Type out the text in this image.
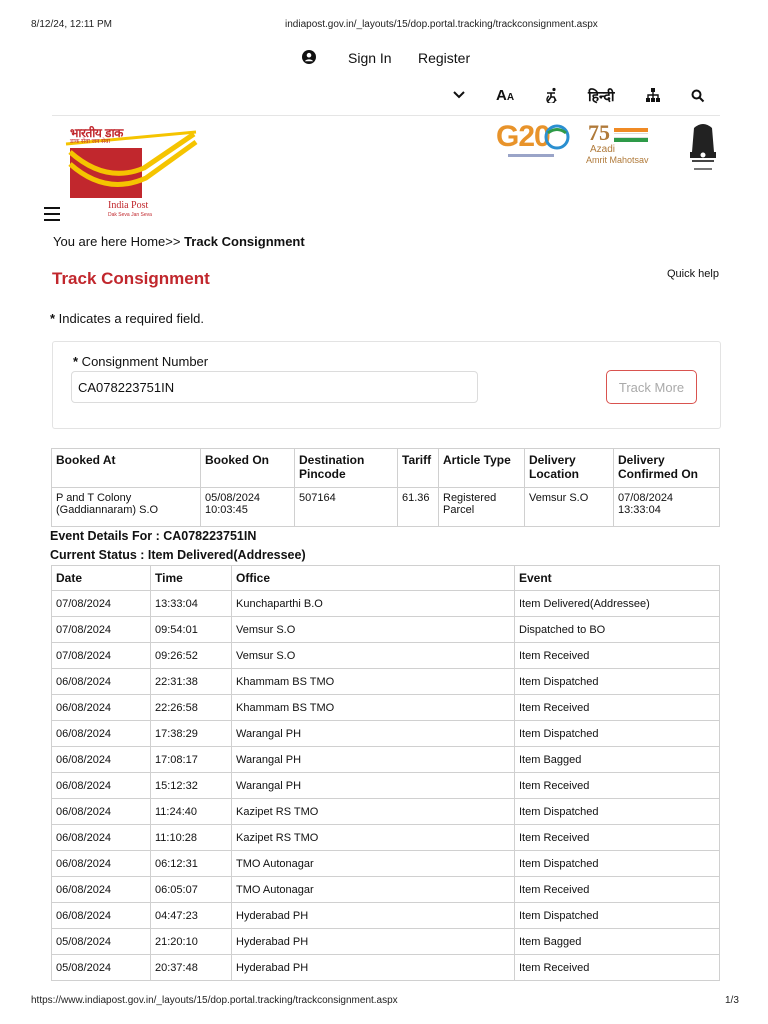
8/12/24, 12:11 PM	indiapost.gov.in/_layouts/15/dop.portal.tracking/trackconsignment.aspx
Sign In Register
AA	हिन्दी
भारतीय डाक
डाक सेवा जन सेवा
India Post
Dak Seva Jan Seva
G20 75
Azadi
Amrit Mahotsav
You are here Home>> Track Consignment
Track Consignment	Quick help
* Indicates a required field.
* Consignment Number
CA078223751IN
Track More
Booked At	Booked On	Destination Pincode	Tariff	Article Type	Delivery Location	Delivery Confirmed On
P and T Colony (Gaddiannaram) S.O	05/08/2024 10:03:45	507164	61.36	Registered Parcel	Vemsur S.O	07/08/2024 13:33:04
Event Details For : CA078223751IN
Current Status : Item Delivered(Addressee)
Date	Time	Office	Event
07/08/2024	13:33:04	Kunchaparthi B.O	Item Delivered(Addressee)
07/08/2024	09:54:01	Vemsur S.O	Dispatched to BO
07/08/2024	09:26:52	Vemsur S.O	Item Received
06/08/2024	22:31:38	Khammam BS TMO	Item Dispatched
06/08/2024	22:26:58	Khammam BS TMO	Item Received
06/08/2024	17:38:29	Warangal PH	Item Dispatched
06/08/2024	17:08:17	Warangal PH	Item Bagged
06/08/2024	15:12:32	Warangal PH	Item Received
06/08/2024	11:24:40	Kazipet RS TMO	Item Dispatched
06/08/2024	11:10:28	Kazipet RS TMO	Item Received
06/08/2024	06:12:31	TMO Autonagar	Item Dispatched
06/08/2024	06:05:07	TMO Autonagar	Item Received
06/08/2024	04:47:23	Hyderabad PH	Item Dispatched
05/08/2024	21:20:10	Hyderabad PH	Item Bagged
05/08/2024	20:37:48	Hyderabad PH	Item Received
https://www.indiapost.gov.in/_layouts/15/dop.portal.tracking/trackconsignment.aspx	1/3
